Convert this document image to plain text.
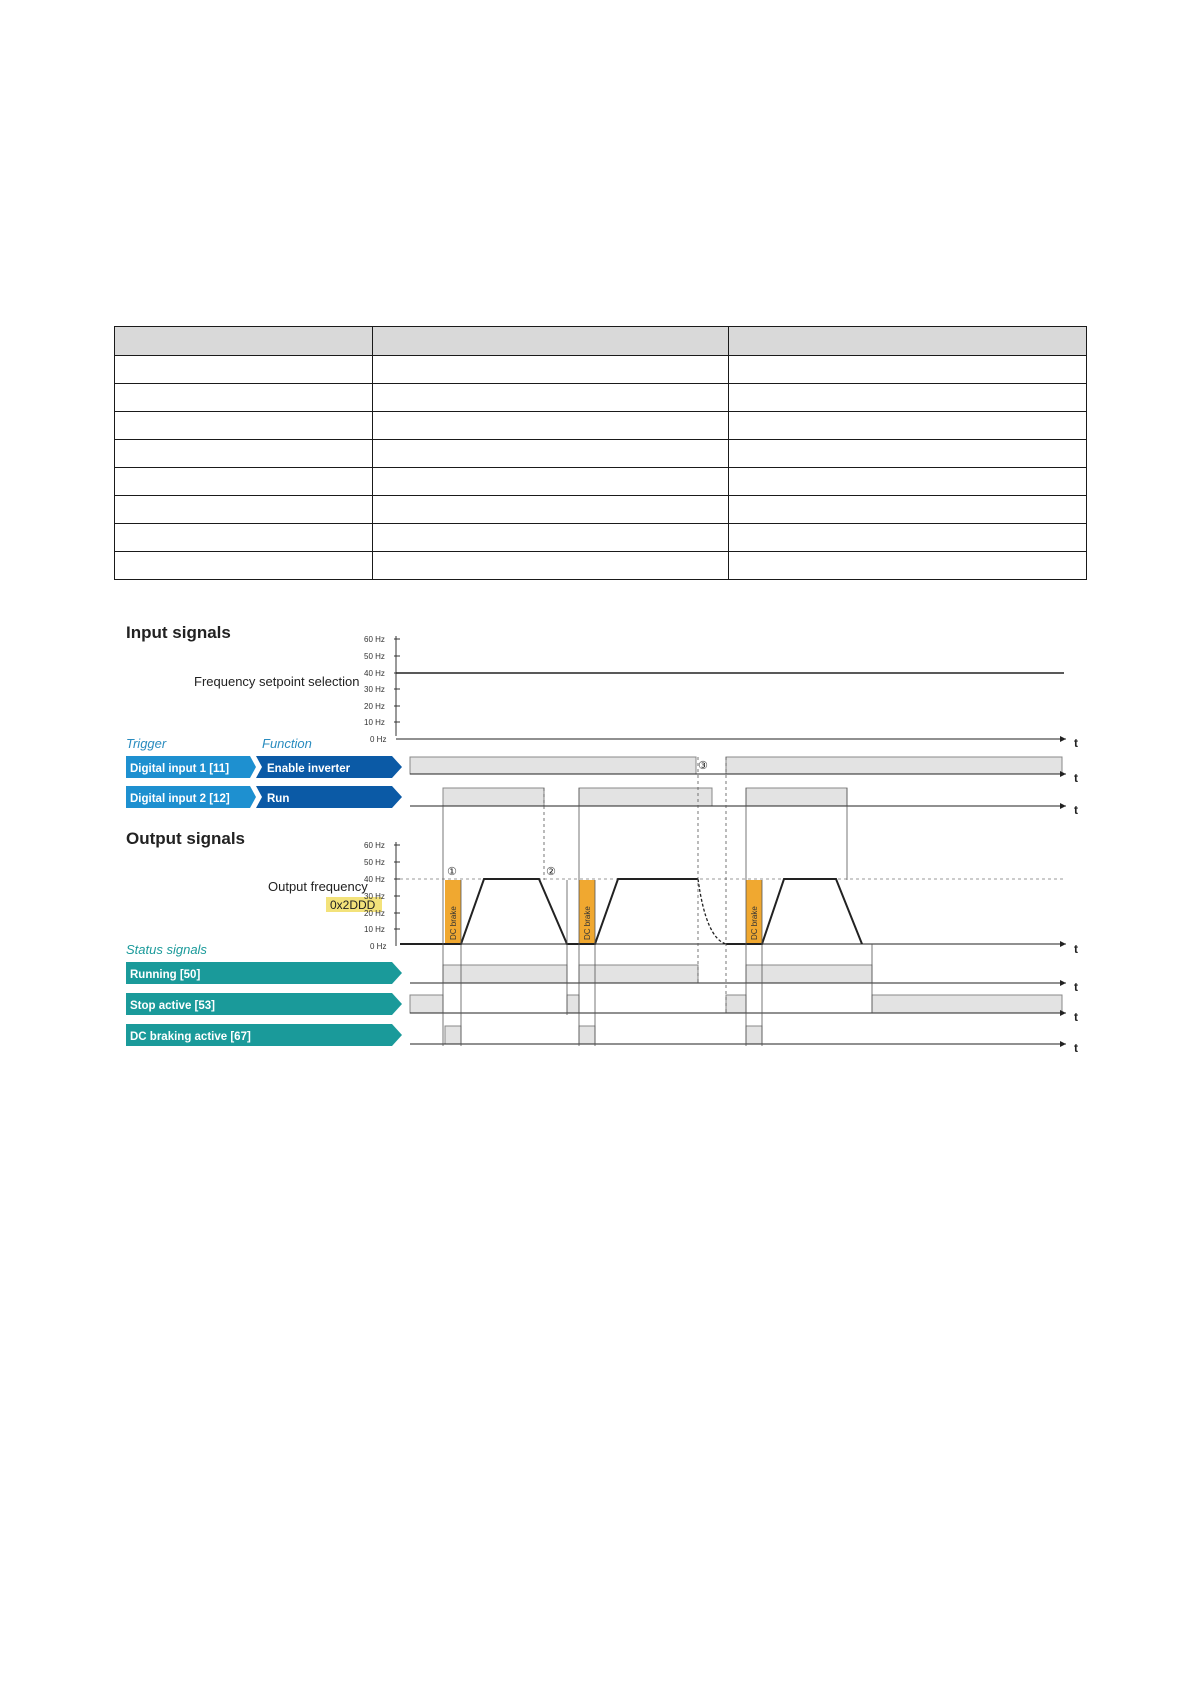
Input signals
Frequency setpoint selection
60 Hz
50 Hz
40 Hz
30 Hz
20 Hz
10 Hz
0 Hz	t
Trigger	Function
Digital input 1 [11]	Enable inverter
t
③
Digital input 2 [12]	Run
t
Output signals
Output frequency
0x2DDD
60 Hz
50 Hz
40 Hz
30 Hz
20 Hz
10 Hz
0 Hz
DC brake	DC brake	DC brake
t
①	②
Status signals
Running [50]
t
Stop active [53]
t
DC braking active [67]
t
